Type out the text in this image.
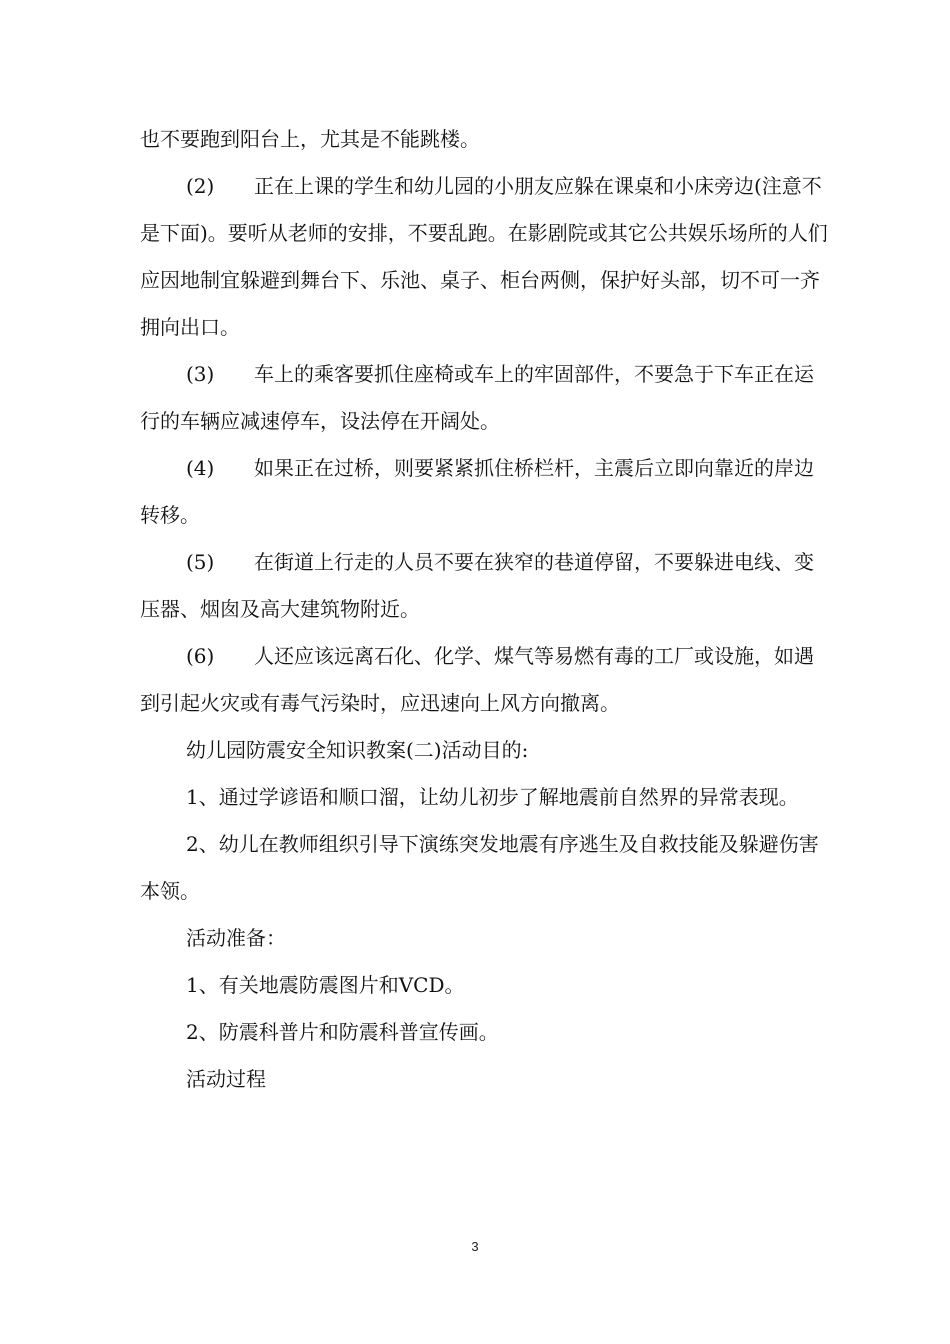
也不要跑到阳台上，尤其是不能跳楼。

(2) 正在上课的学生和幼儿园的小朋友应躲在课桌和小床旁边(注意不是下面)。要听从老师的安排，不要乱跑。在影剧院或其它公共娱乐场所的人们应因地制宜躲避到舞台下、乐池、桌子、柜台两侧，保护好头部，切不可一齐拥向出口。

(3) 车上的乘客要抓住座椅或车上的牢固部件，不要急于下车正在运行的车辆应减速停车，设法停在开阔处。

(4) 如果正在过桥，则要紧紧抓住桥栏杆，主震后立即向靠近的岸边转移。

(5) 在街道上行走的人员不要在狭窄的巷道停留，不要躲进电线、变压器、烟囱及高大建筑物附近。

(6) 人还应该远离石化、化学、煤气等易燃有毒的工厂或设施，如遇到引起火灾或有毒气污染时，应迅速向上风方向撤离。

幼儿园防震安全知识教案(二)活动目的:

1、通过学谚语和顺口溜，让幼儿初步了解地震前自然界的异常表现。

2、幼儿在教师组织引导下演练突发地震有序逃生及自救技能及躲避伤害本领。

活动准备：

1、有关地震防震图片和VCD。

2、防震科普片和防震科普宣传画。

活动过程

3
